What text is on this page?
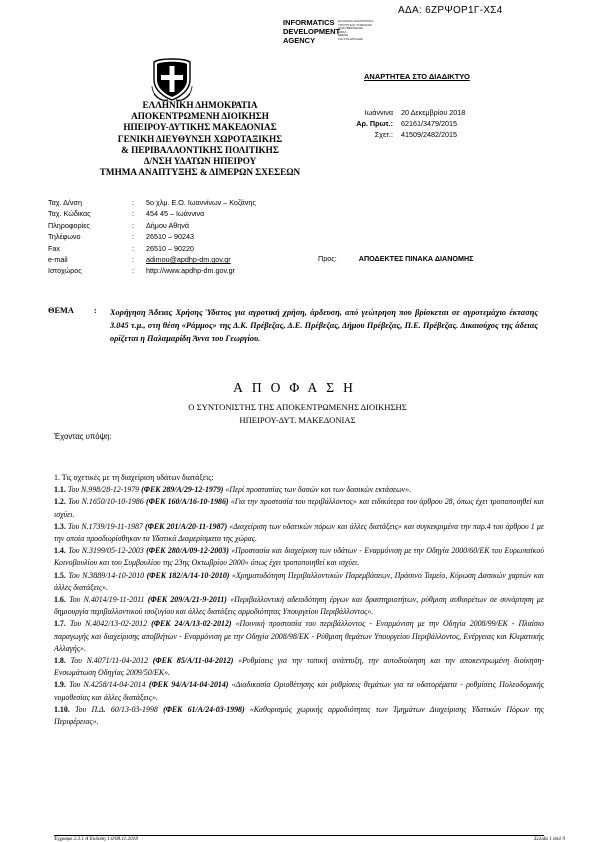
ΑΔΑ: 6ΖΡΨΟΡ1Γ-ΧΣ4
INFORMATICS
DEVELOPMENT
AGENCY
ΕΛΛΗΝΙΚΗ ΔΗΜΟΚΡΑΤΙΑ
ΥΠΟΥΡΓΕΙΟ ΨΗΦΙΑΚΗΣ
ΔΙΑΚΥΒΕΡΝΗΣΗΣ
ΕΦΚΑ
ΕΒΕΚΕ
ΚΑΙ ΚΤΕ ΕΡΚΑΘΕ
ΑΝΑΡΤΗΤΕΑ ΣΤΟ ΔΙΑΔΙΚΤΥΟ
ΕΛΛΗΝΙΚΗ ΔΗΜΟΚΡΑΤΙΑ
ΑΠΟΚΕΝΤΡΩΜΕΝΗ ΔΙΟΙΚΗΣΗ
ΗΠΕΙΡΟΥ-ΔΥΤΙΚΗΣ ΜΑΚΕΔΟΝΙΑΣ
ΓΕΝΙΚΗ ΔΙΕΥΘΥΝΣΗ ΧΩΡΟΤΑΞΙΚΗΣ
& ΠΕΡΙΒΑΛΛΟΝΤΙΚΗΣ ΠΟΛΙΤΙΚΗΣ
Δ/ΝΣΗ ΥΔΑΤΩΝ ΗΠΕΙΡΟΥ
ΤΜΗΜΑ ΑΝΑΠΤΥΞΗΣ & ΔΙΜΕΡΩΝ ΣΧΕΣΕΩΝ
Ιωάννινα	20 Δεκεμβρίου 2018
Αρ. Πρωτ.:	62161/3479/2015
Σχετ.:	41509/2482/2015
Ταχ. Δ/νση	:	5ο χλμ. Ε.Ο. Ιωαννίνων – Κοζάνης
Ταχ. Κώδικας	:	454 45 – Ιωάννινα
Πληροφορίες	:	Δήμου Αθηνά
Τηλέφωνο	:	26510 – 90243
Fax	:	26510 – 90220
e-mail	:	adimou@apdhp-dm.gov.gr
Ιστοχώρος	:	http://www.apdhp-dm.gov.gr
Προς:	ΑΠΟΔΕΚΤΕΣ ΠΙΝΑΚΑ ΔΙΑΝΟΜΗΣ
ΘΕΜΑ : Χορήγηση Άδειας Χρήσης Ύδατος για αγροτική χρήση, άρδευση, από γεώτρηση που βρίσκεται σε αγροτεμάχιο έκτασης 3.045 τ.μ., στη θέση «Ράμμος» της Δ.Κ. Πρέβεζας, Δ.Ε. Πρέβεζας, Δήμου Πρέβεζας, Π.Ε. Πρέβεζας. Δικαιούχος της άδειας ορίζεται η Παλαμαρίδη Άννα του Γεωργίου.
ΑΠΟΦΑΣΗ
Ο ΣΥΝΤΟΝΙΣΤΗΣ ΤΗΣ ΑΠΟΚΕΝΤΡΩΜΕΝΗΣ ΔΙΟΙΚΗΣΗΣ
ΗΠΕΙΡΟΥ-ΔΥΤ. ΜΑΚΕΔΟΝΙΑΣ
Έχοντας υπόψη:

1. Τις σχετικές με τη διαχείριση υδάτων διατάξεις:

1.1. Του Ν.998/28-12-1979 (ΦΕΚ 289/Α/29-12-1979) «Περί προστασίας των δασών και των δασικών εκτάσεων».

1.2. Του Ν.1650/10-10-1986 (ΦΕΚ 160/Α/16-10-1986) «Για την προστασία του περιβάλλοντος» και ειδικότερα του άρθρου 28, όπως έχει τροποποιηθεί και ισχύει.

1.3. Του Ν.1739/19-11-1987 (ΦΕΚ 201/Α/20-11-1987) «Διαχείριση των υδατικών πόρων και άλλες διατάξεις» και συγκεκριμένα την παρ.4 του άρθρου 1 με την οποία προσδιορίσθηκαν τα Υδατικά Διαμερίσματα της χώρας.

1.4. Του Ν.3199/05-12-2003 (ΦΕΚ 280/Α/09-12-2003) «Προστασία και διαχείριση των υδάτων - Εναρμόνιση με την Οδηγία 2000/60/ΕΚ του Ευρωπαϊκού Κοινοβουλίου και του Συμβουλίου της 23ης Οκτωβρίου 2000» όπως έχει τροποποιηθεί και ισχύει.

1.5. Του Ν.3889/14-10-2010 (ΦΕΚ 182/Α/14-10-2010) «Χρηματοδότηση Περιβαλλοντικών Παρεμβάσεων, Πράσινο Ταμείο, Κύρωση Δασικών χαρτών και άλλες διατάξεις».

1.6. Του Ν.4014/19-11-2011 (ΦΕΚ 209/Α/21-9-2011) «Περιβαλλοντική αδειοδότηση έργων και δραστηριοτήτων, ρύθμιση αυθαιρέτων σε συνάρτηση με δημιουργία περιβαλλοντικού ισοζυγίου και άλλες διατάξεις αρμοδιότητας Υπουργείου Περιβάλλοντος».

1.7. Του Ν.4042/13-02-2012 (ΦΕΚ 24/Α/13-02-2012) «Ποινική προστασία του περιβάλλοντος - Εναρμόνιση με την Οδηγία 2008/99/ΕΚ - Πλαίσιο παραγωγής και διαχείρισης αποβλήτων - Εναρμόνιση με την Οδηγία 2008/98/ΕΚ - Ρύθμιση θεμάτων Υπουργείου Περιβάλλοντος, Ενέργειας και Κλιματικής Αλλαγής».

1.8. Του Ν.4071/11-04-2012 (ΦΕΚ 85/Α/11-04-2012) «Ρυθμίσεις για την τοπική ανάπτυξη, την αυτοδιοίκηση και την αποκεντρωμένη διοίκηση-Ενσωμάτωση Οδηγίας 2009/50/ΕΚ».

1.9. Του Ν.4258/14-04-2014 (ΦΕΚ 94/Α/14-04-2014) «Διαδικασία Οριοθέτησης και ρυθμίσεις θεμάτων για τα υδατορέματα - ρυθμίσεις Πολεοδομικής νομοθεσίας και άλλες διατάξεις».

1.10. Του Π.Δ. 60/13-03-1998 (ΦΕΚ 61/Α/24-03-1998) «Καθορισμός χωρικής αρμοδιότητας των Τμημάτων Διαχείρισης Υδατικών Πόρων της Περιφέρειας».

Έγγραφο 2.3.1 Α Έκδοση 1.0/08.11.2018	Σελίδα 1 από 9
